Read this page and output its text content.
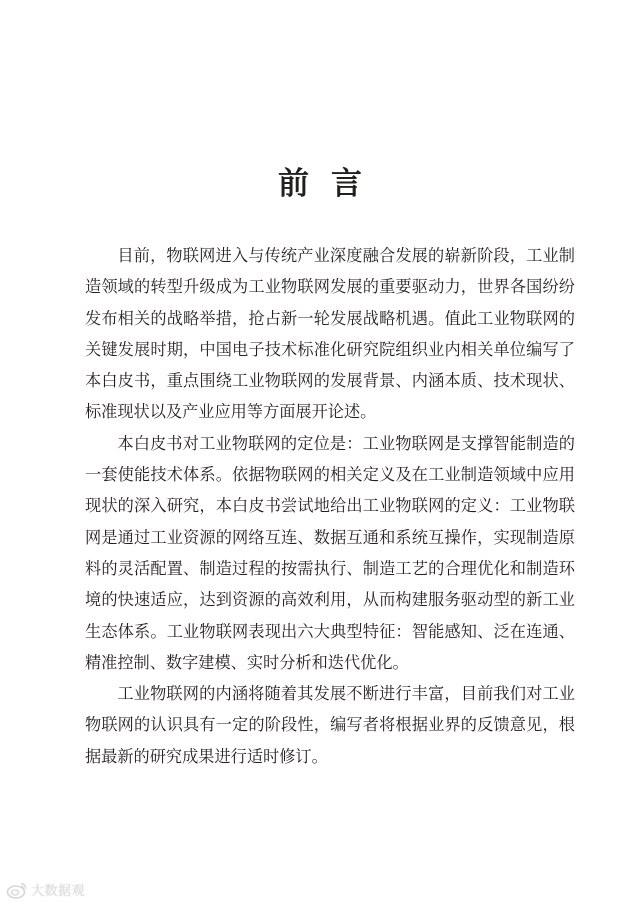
前言

目前，物联网进入与传统产业深度融合发展的崭新阶段，工业制造领域的转型升级成为工业物联网发展的重要驱动力，世界各国纷纷发布相关的战略举措，抢占新一轮发展战略机遇。值此工业物联网的关键发展时期，中国电子技术标准化研究院组织业内相关单位编写了本白皮书，重点围绕工业物联网的发展背景、内涵本质、技术现状、标准现状以及产业应用等方面展开论述。

本白皮书对工业物联网的定位是：工业物联网是支撑智能制造的一套使能技术体系。依据物联网的相关定义及在工业制造领域中应用现状的深入研究，本白皮书尝试地给出工业物联网的定义：工业物联网是通过工业资源的网络互连、数据互通和系统互操作，实现制造原料的灵活配置、制造过程的按需执行、制造工艺的合理优化和制造环境的快速适应，达到资源的高效利用，从而构建服务驱动型的新工业生态体系。工业物联网表现出六大典型特征：智能感知、泛在连通、精准控制、数字建模、实时分析和迭代优化。

工业物联网的内涵将随着其发展不断进行丰富，目前我们对工业物联网的认识具有一定的阶段性，编写者将根据业界的反馈意见，根据最新的研究成果进行适时修订。

大数据观
